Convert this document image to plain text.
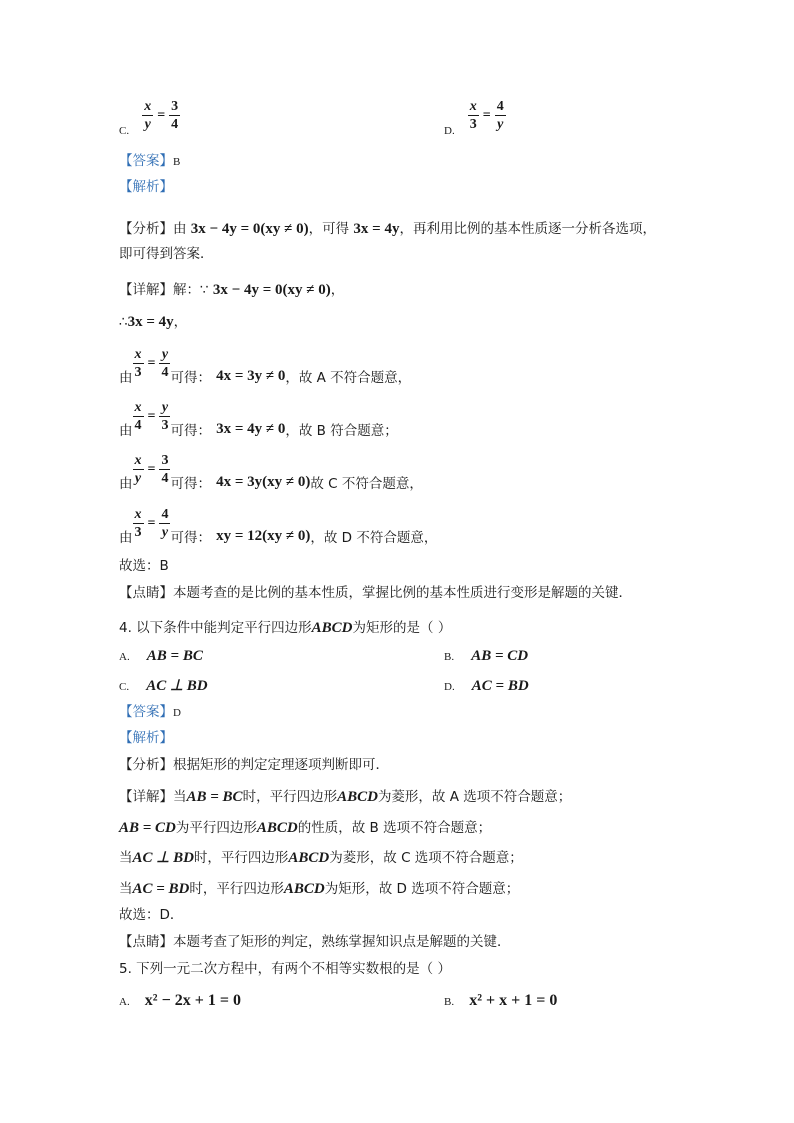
$_{C.} \frac{x}{y} = \frac{3}{4}$	$_{D.} \frac{x}{3} = \frac{4}{y}$
【答案】B
【解析】
【分析】由 3x − 4y = 0(xy ≠ 0)，可得 3x = 4y，再利用比例的基本性质逐一分析各选项，
即可得到答案．
【详解】解：∵ 3x − 4y = 0(xy ≠ 0)，
∴3x = 4y，
$_由 \frac{x}{3} = \frac{y}{4} _{可得:}$ $4x = 3y \ne 0_{,故 A 不符合题意,}$
$_由 \frac{x}{4} = \frac{y}{3} _{可得:}$ $3x = 4y \ne 0_{,故 B 符合题意;}$
$_由 \frac{x}{y} = \frac{3}{4} _{可得:}$ $4x = 3y(xy \ne 0)_{故 C 不符合题意,}$
$_由 \frac{x}{3} = \frac{4}{y} _{可得:}$ xy = $12(xy \ne 0)_{,故 D 不符合题意,}$
故选：B
【点睛】本题考查的是比例的基本性质，掌握比例的基本性质进行变形是解题的关键．
4. 以下条件中能判定平行四边形ABCD为矩形的是（ ）
A. AB = BC	B. AB = CD
C. AC ⊥ BD	D. AC = BD
【答案】D
【解析】
【分析】根据矩形的判定定理逐项判断即可．
【详解】当AB = BC时，平行四边形ABCD为菱形，故 A 选项不符合题意；
AB = CD为平行四边形ABCD的性质，故 B 选项不符合题意；
当AC ⊥ BD时，平行四边形ABCD为菱形，故 C 选项不符合题意；
当AC = BD时，平行四边形ABCD为矩形，故 D 选项不符合题意；
故选：D．
【点睛】本题考查了矩形的判定，熟练掌握知识点是解题的关键．
5. 下列一元二次方程中，有两个不相等实数根的是（ ）
A. x² − 2x + 1 = 0	B. x² + x + 1 = 0
